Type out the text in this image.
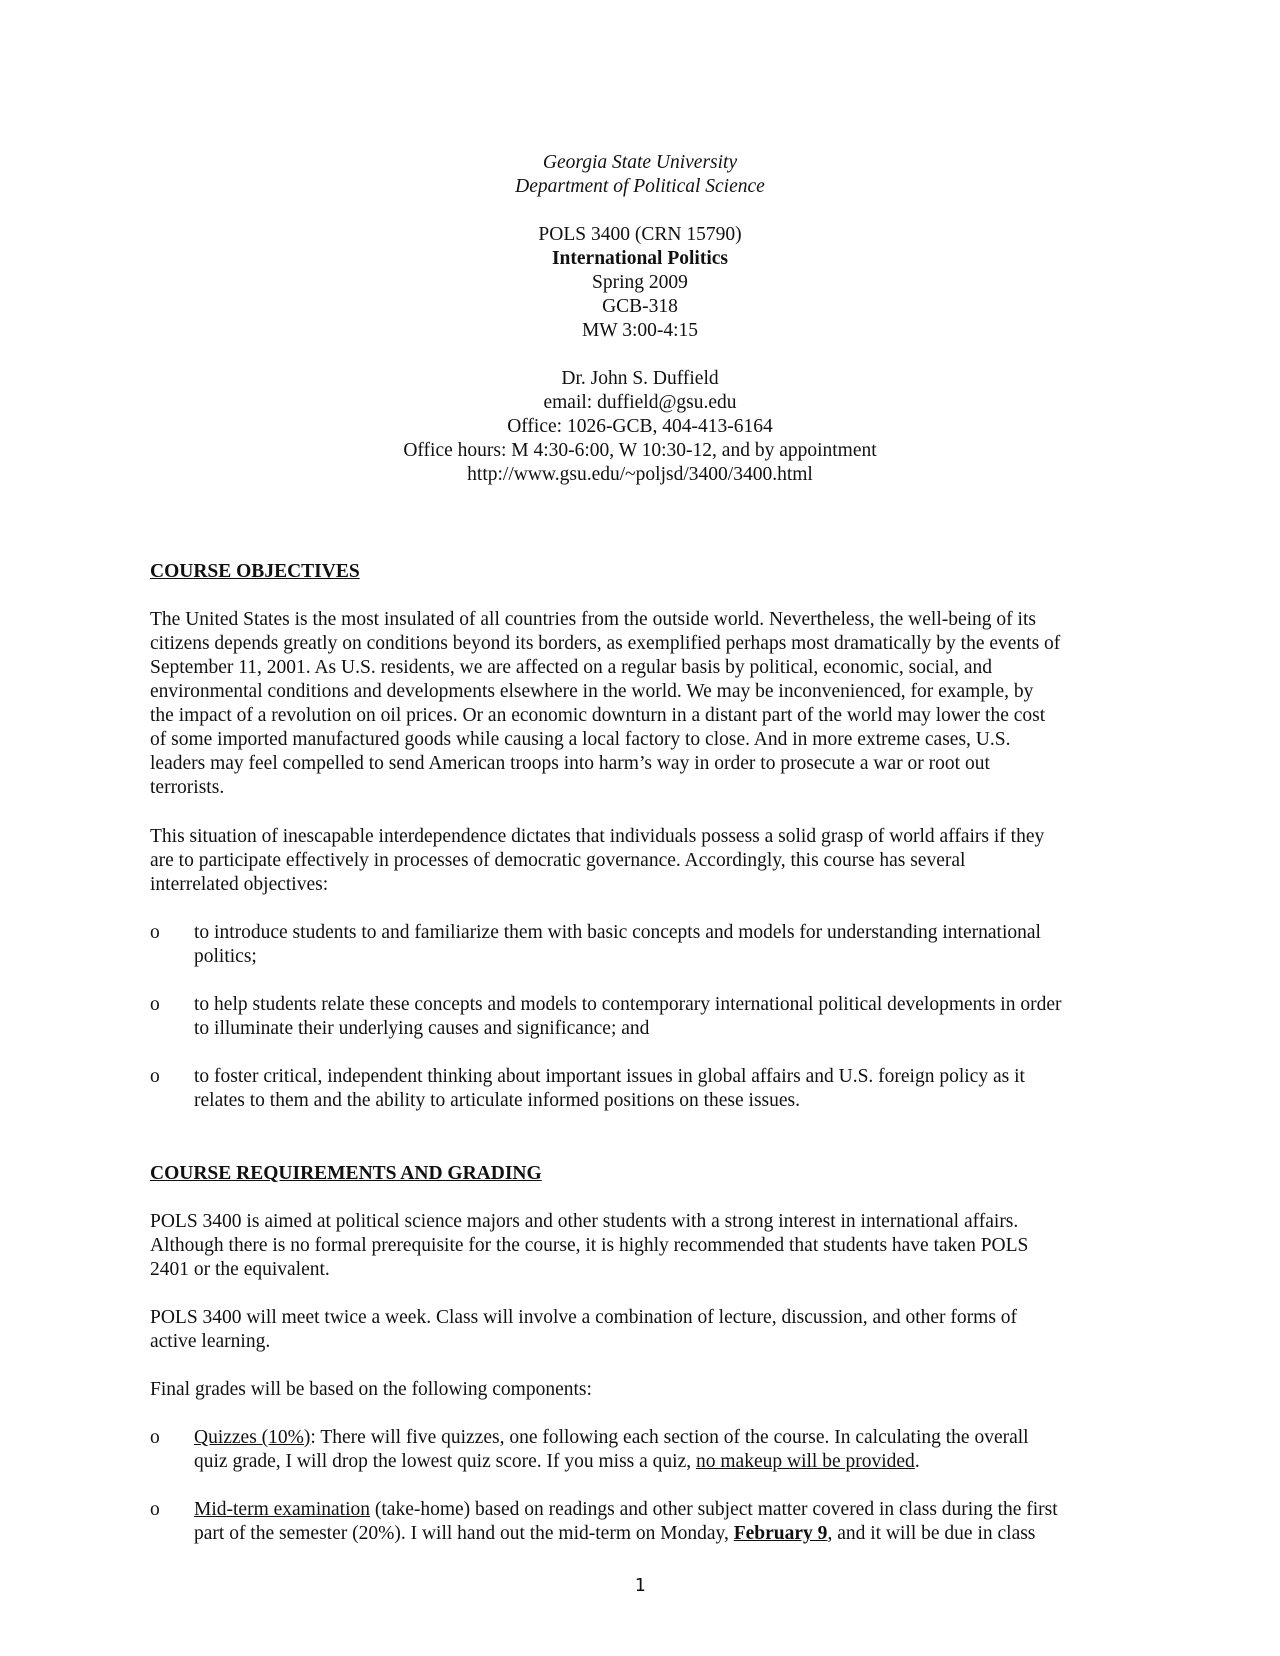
Georgia State University
Department of Political Science
POLS 3400 (CRN 15790)
International Politics
Spring 2009
GCB-318
MW 3:00-4:15
Dr. John S. Duffield
email: duffield@gsu.edu
Office: 1026-GCB, 404-413-6164
Office hours: M 4:30-6:00, W 10:30-12, and by appointment
http://www.gsu.edu/~poljsd/3400/3400.html

COURSE OBJECTIVES

The United States is the most insulated of all countries from the outside world. Nevertheless, the well-being of its
citizens depends greatly on conditions beyond its borders, as exemplified perhaps most dramatically by the events of
September 11, 2001. As U.S. residents, we are affected on a regular basis by political, economic, social, and
environmental conditions and developments elsewhere in the world. We may be inconvenienced, for example, by
the impact of a revolution on oil prices. Or an economic downturn in a distant part of the world may lower the cost
of some imported manufactured goods while causing a local factory to close. And in more extreme cases, U.S.
leaders may feel compelled to send American troops into harm’s way in order to prosecute a war or root out
terrorists.

This situation of inescapable interdependence dictates that individuals possess a solid grasp of world affairs if they
are to participate effectively in processes of democratic governance. Accordingly, this course has several
interrelated objectives:

o to introduce students to and familiarize them with basic concepts and models for understanding international
politics;

o to help students relate these concepts and models to contemporary international political developments in order
to illuminate their underlying causes and significance; and

o to foster critical, independent thinking about important issues in global affairs and U.S. foreign policy as it
relates to them and the ability to articulate informed positions on these issues.

COURSE REQUIREMENTS AND GRADING

POLS 3400 is aimed at political science majors and other students with a strong interest in international affairs.
Although there is no formal prerequisite for the course, it is highly recommended that students have taken POLS
2401 or the equivalent.

POLS 3400 will meet twice a week. Class will involve a combination of lecture, discussion, and other forms of
active learning.

Final grades will be based on the following components:

o Quizzes (10%): There will five quizzes, one following each section of the course. In calculating the overall
quiz grade, I will drop the lowest quiz score. If you miss a quiz, no makeup will be provided.

o Mid-term examination (take-home) based on readings and other subject matter covered in class during the first
part of the semester (20%). I will hand out the mid-term on Monday, February 9, and it will be due in class

1
